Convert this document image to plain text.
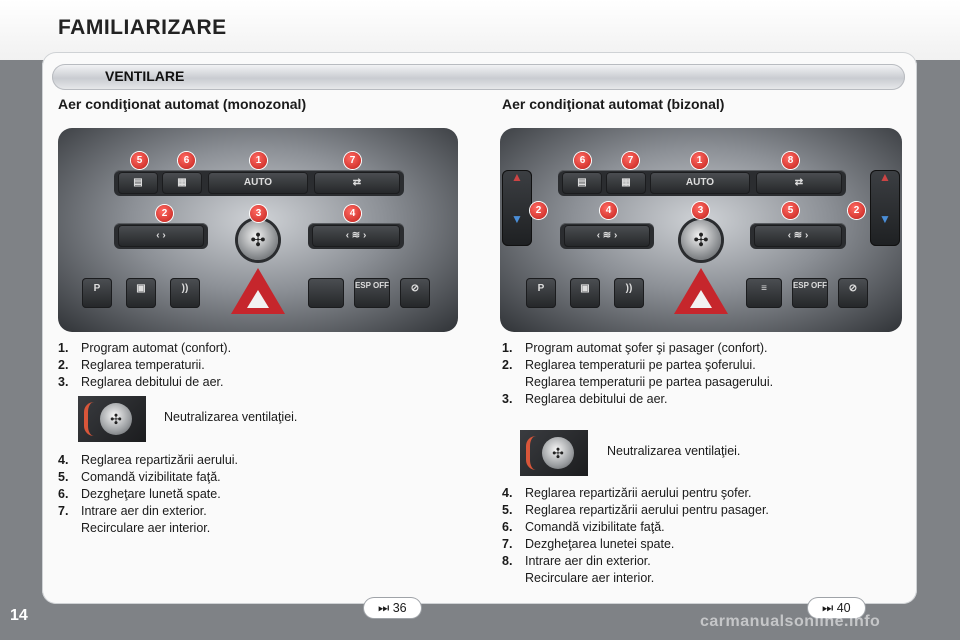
FAMILIARIZARE
VENTILARE
Aer condiţionat automat (monozonal)
▤	▦	AUTO	⇄
‹ ›	✣	‹ ≋ ›
P	▣	))	ESP OFF	⊘
5	6	1	7
2	3	4
1.	Program automat (confort).
2.	Reglarea temperaturii.
3.	Reglarea debitului de aer.
✣	Neutralizarea ventilaţiei.
4.	Reglarea repartizării aerului.
5.	Comandă vizibilitate faţă.
6.	Dezgheţare lunetă spate.
7.	Intrare aer din exterior.
Recirculare aer interior.
⏭ 36
Aer condiţionat automat (bizonal)
▲

▼
▲

▼
▤	▦	AUTO	⇄
‹ ≋ ›	✣	‹ ≋ ›
P	▣	))	≡	ESP OFF	⊘
6	7	1	8
2	4	3	5	2
1.	Program automat şofer şi pasager (confort).
2.	Reglarea temperaturii pe partea şoferului.
Reglarea temperaturii pe partea pasagerului.
3.	Reglarea debitului de aer.
✣	Neutralizarea ventilaţiei.
4.	Reglarea repartizării aerului pentru şofer.
5.	Reglarea repartizării aerului pentru pasager.
6.	Comandă vizibilitate faţă.
7.	Dezgheţarea lunetei spate.
8.	Intrare aer din exterior.
Recirculare aer interior.
⏭ 40
14	carmanualsonline.info
